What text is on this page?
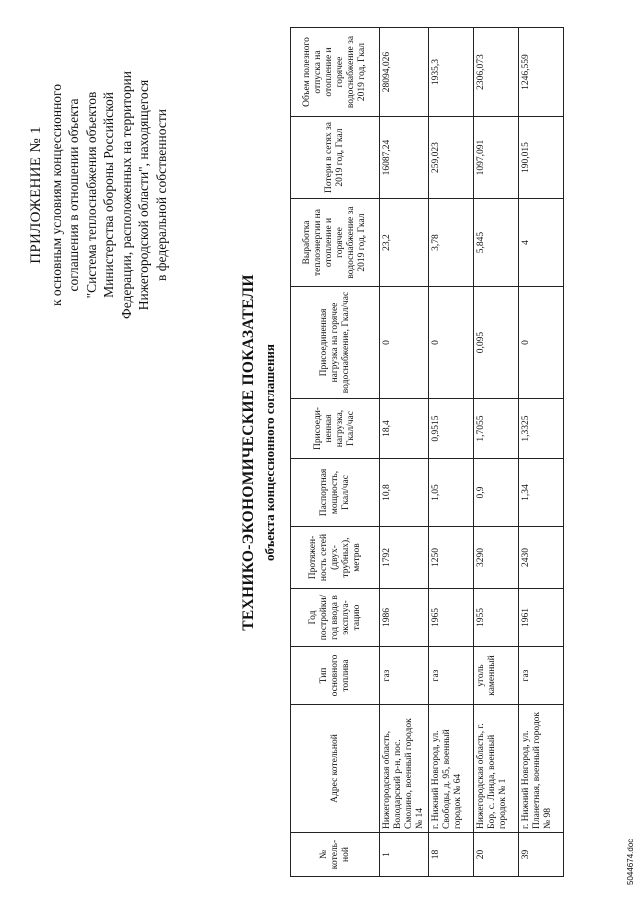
ПРИЛОЖЕНИЕ № 1 к основным условиям концессионного соглашения в отношении объекта "Система теплоснабжения объектов Министерства обороны Российской Федерации, расположенных на территории Нижегородской области", находящегося в федеральной собственности
ТЕХНИКО-ЭКОНОМИЧЕСКИЕ ПОКАЗАТЕЛИ объекта концессионного соглашения
№ котель-ной	Адрес котельной	Тип основного топлива	Год постройки/ год ввода в эксплуа-тацию	Протяжен-ность сетей (двух-трубных), метров	Паспортная мощность, Гкал/час	Присоеди-ненная нагрузка, Гкал/час	Присоединенная нагрузка на горячее водоснабжение, Гкал/час	Выработка теплоэнергии на отопление и горячее водоснабжение за 2019 год, Гкал	Потери в сетях за 2019 год, Гкал	Объем полезного отпуска на отопление и горячее водоснабжение за 2019 год, Гкал
1	Нижегородская область, Володарский р-н, пос. Смолино, военный городок № 14	газ	1986	1792	10,8	18,4	0	23,2	16087,24	28094,026
18	г. Нижний Новгород, ул. Свободы, д. 95, военный городок № 64	газ	1965	1250	1,05	0,9515	0	3,78	259,023	1935,3
20	Нижегородская область, г. Бор, с. Линда, военный городок № 1	уголь каменный	1955	3290	0,9	1,7055	0,095	5,845	1097,091	2306,073
39	г. Нижний Новгород, ул. Планетная, военный городок № 98	газ	1961	2430	1,34	1,3325	0	4	190,015	1246,559
5044674.doc
